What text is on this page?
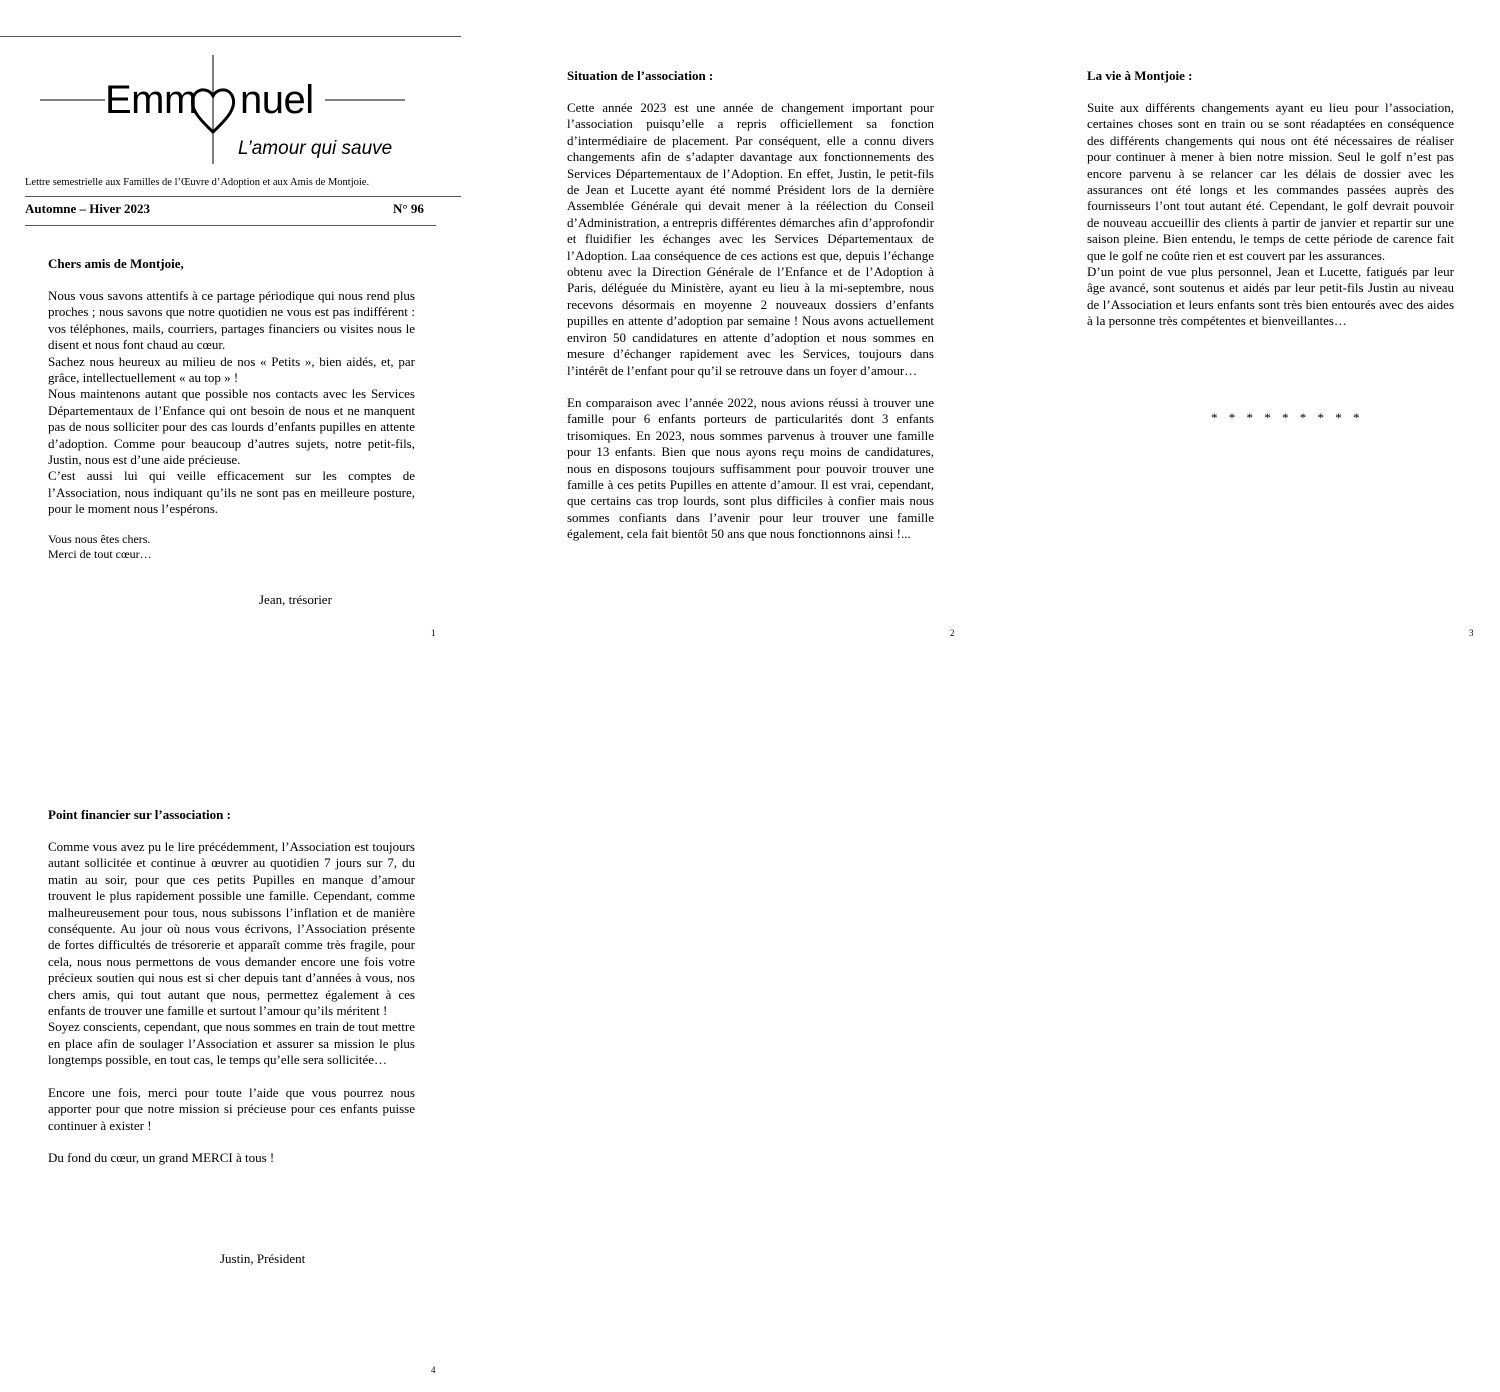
Emm nuel
L’amour qui sauve
Lettre semestrielle aux Familles de l’Œuvre d’Adoption et aux Amis de Montjoie.
Automne – Hiver 2023	N° 96
Chers amis de Montjoie,
Nous vous savons attentifs à ce partage périodique qui nous rend plus proches ; nous savons que notre quotidien ne vous est pas indifférent : vos téléphones, mails, courriers, partages financiers ou visites nous le disent et nous font chaud au cœur.
Sachez nous heureux au milieu de nos « Petits », bien aidés, et, par grâce, intellectuellement « au top » !
Nous maintenons autant que possible nos contacts avec les Services Départementaux de l’Enfance qui ont besoin de nous et ne manquent pas de nous solliciter pour des cas lourds d’enfants pupilles en attente d’adoption. Comme pour beaucoup d’autres sujets, notre petit-fils, Justin, nous est d’une aide précieuse.
C’est aussi lui qui veille efficacement sur les comptes de l’Association, nous indiquant qu’ils ne sont pas en meilleure posture, pour le moment nous l’espérons.
Vous nous êtes chers.
Merci de tout cœur…
Jean, trésorier
1
Situation de l’association :
Cette année 2023 est une année de changement important pour l’association puisqu’elle a repris officiellement sa fonction d’intermédiaire de placement. Par conséquent, elle a connu divers changements afin de s’adapter davantage aux fonctionnements des Services Départementaux de l’Adoption. En effet, Justin, le petit-fils de Jean et Lucette ayant été nommé Président lors de la dernière Assemblée Générale qui devait mener à la réélection du Conseil d’Administration, a entrepris différentes démarches afin d’approfondir et fluidifier les échanges avec les Services Départementaux de l’Adoption. Laa conséquence de ces actions est que, depuis l’échange obtenu avec la Direction Générale de l’Enfance et de l’Adoption à Paris, déléguée du Ministère, ayant eu lieu à la mi-septembre, nous recevons désormais en moyenne 2 nouveaux dossiers d’enfants pupilles en attente d’adoption par semaine ! Nous avons actuellement environ 50 candidatures en attente d’adoption et nous sommes en mesure d’échanger rapidement avec les Services, toujours dans l’intérêt de l’enfant pour qu’il se retrouve dans un foyer d’amour…
En comparaison avec l’année 2022, nous avions réussi à trouver une famille pour 6 enfants porteurs de particularités dont 3 enfants trisomiques. En 2023, nous sommes parvenus à trouver une famille pour 13 enfants. Bien que nous ayons reçu moins de candidatures, nous en disposons toujours suffisamment pour pouvoir trouver une famille à ces petits Pupilles en attente d’amour. Il est vrai, cependant, que certains cas trop lourds, sont plus difficiles à confier mais nous sommes confiants dans l’avenir pour leur trouver une famille également, cela fait bientôt 50 ans que nous fonctionnons ainsi !...
2
La vie à Montjoie :
Suite aux différents changements ayant eu lieu pour l’association, certaines choses sont en train ou se sont réadaptées en conséquence des différents changements qui nous ont été nécessaires de réaliser pour continuer à mener à bien notre mission. Seul le golf n’est pas encore parvenu à se relancer car les délais de dossier avec les assurances ont été longs et les commandes passées auprès des fournisseurs l’ont tout autant été. Cependant, le golf devrait pouvoir de nouveau accueillir des clients à partir de janvier et repartir sur une saison pleine. Bien entendu, le temps de cette période de carence fait que le golf ne coûte rien et est couvert par les assurances.
D’un point de vue plus personnel, Jean et Lucette, fatigués par leur âge avancé, sont soutenus et aidés par leur petit-fils Justin au niveau de l’Association et leurs enfants sont très bien entourés avec des aides à la personne très compétentes et bienveillantes…
* * * * * * * * *
3
Point financier sur l’association :
Comme vous avez pu le lire précédemment, l’Association est toujours autant sollicitée et continue à œuvrer au quotidien 7 jours sur 7, du matin au soir, pour que ces petits Pupilles en manque d’amour trouvent le plus rapidement possible une famille. Cependant, comme malheureusement pour tous, nous subissons l’inflation et de manière conséquente. Au jour où nous vous écrivons, l’Association présente de fortes difficultés de trésorerie et apparaît comme très fragile, pour cela, nous nous permettons de vous demander encore une fois votre précieux soutien qui nous est si cher depuis tant d’années à vous, nos chers amis, qui tout autant que nous, permettez également à ces enfants de trouver une famille et surtout l’amour qu’ils méritent !
Soyez conscients, cependant, que nous sommes en train de tout mettre en place afin de soulager l’Association et assurer sa mission le plus longtemps possible, en tout cas, le temps qu’elle sera sollicitée…
Encore une fois, merci pour toute l’aide que vous pourrez nous apporter pour que notre mission si précieuse pour ces enfants puisse continuer à exister !
Du fond du cœur, un grand MERCI à tous !
Justin, Président
4
